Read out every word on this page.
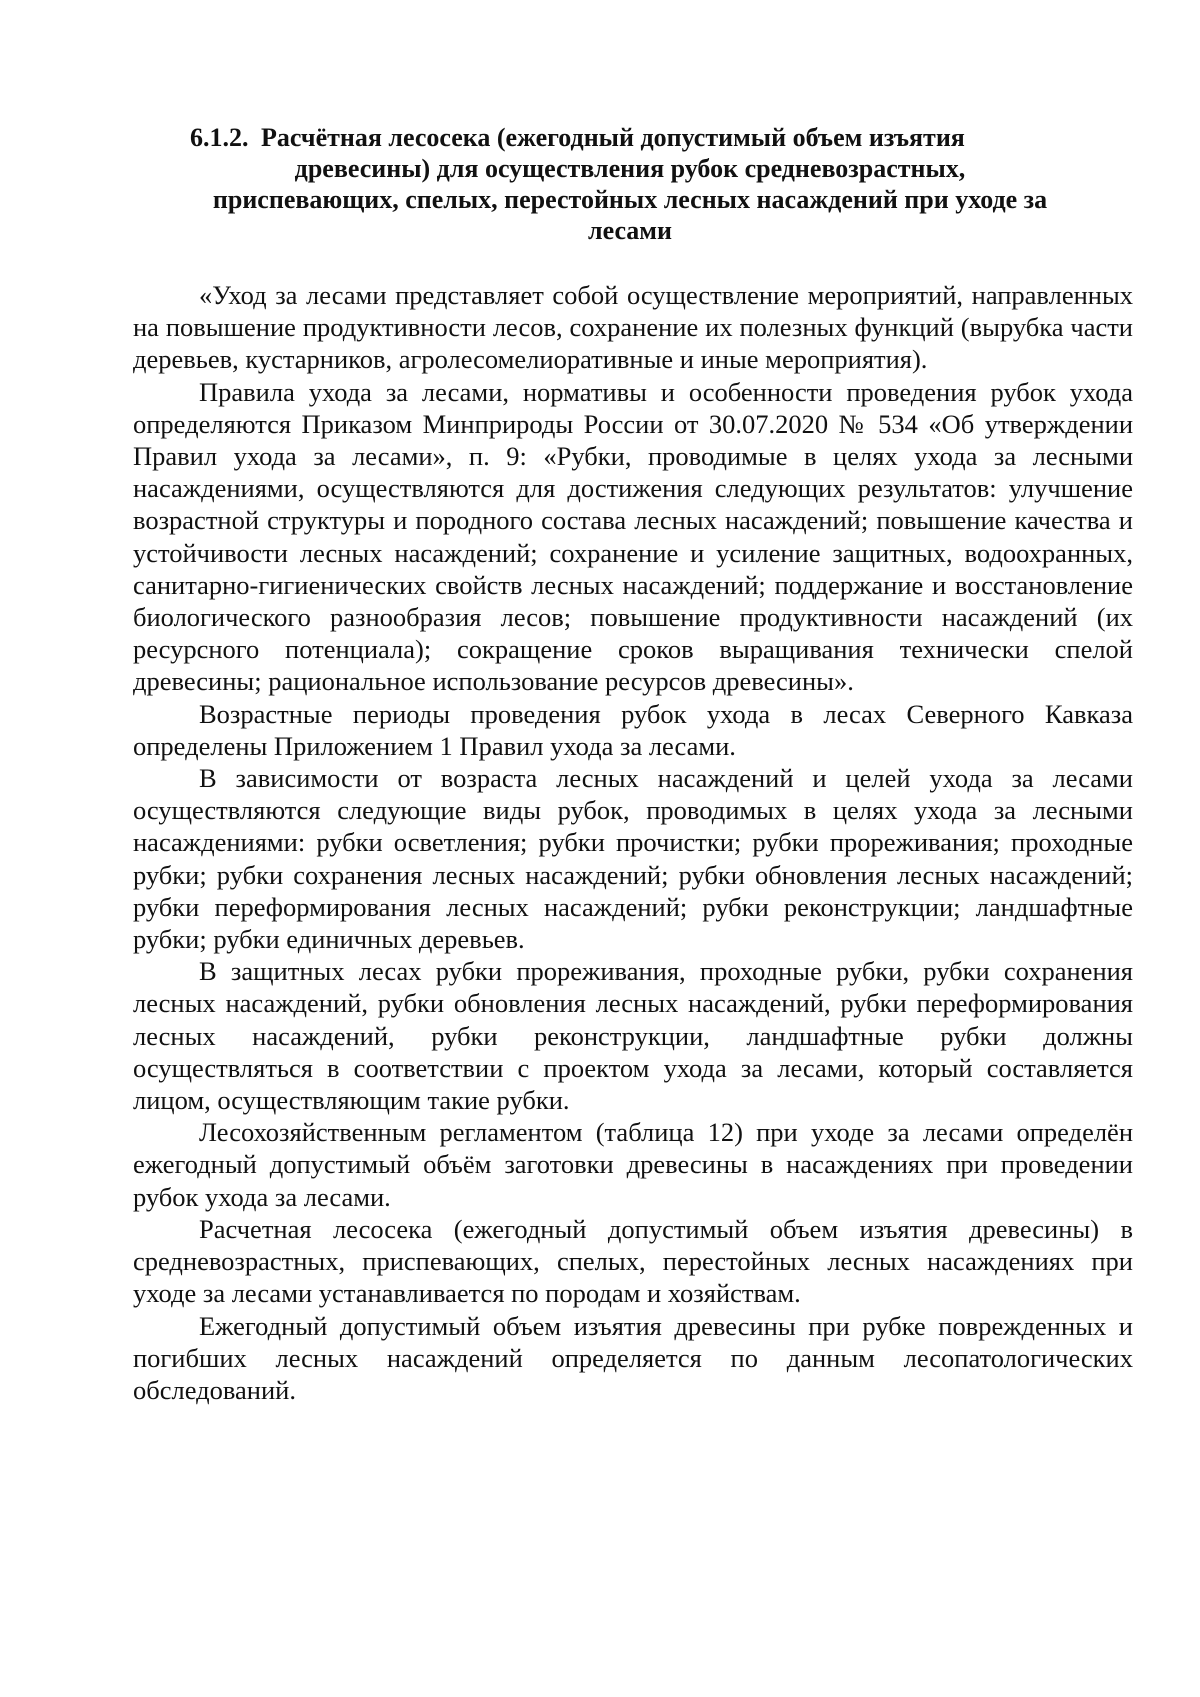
6.1.2. Расчётная лесосека (ежегодный допустимый объем изъятия
древесины) для осуществления рубок средневозрастных,
приспевающих, спелых, перестойных лесных насаждений при уходе за
лесами

«Уход за лесами представляет собой осуществление мероприятий, направленных на повышение продуктивности лесов, сохранение их полезных функций (вырубка части деревьев, кустарников, агролесомелиоративные и иные мероприятия).

Правила ухода за лесами, нормативы и особенности проведения рубок ухода определяются Приказом Минприроды России от 30.07.2020 № 534 «Об утверждении Правил ухода за лесами», п. 9: «Рубки, проводимые в целях ухода за лесными насаждениями, осуществляются для достижения следующих результатов: улучшение возрастной структуры и породного состава лесных насаждений; повышение качества и устойчивости лесных насаждений; сохранение и усиление защитных, водоохранных, санитарно-гигиенических свойств лесных насаждений; поддержание и восстановление биологического разнообразия лесов; повышение продуктивности насаждений (их ресурсного потенциала); сокращение сроков выращивания технически спелой древесины; рациональное использование ресурсов древесины».

Возрастные периоды проведения рубок ухода в лесах Северного Кавказа определены Приложением 1 Правил ухода за лесами.

В зависимости от возраста лесных насаждений и целей ухода за лесами осуществляются следующие виды рубок, проводимых в целях ухода за лесными насаждениями: рубки осветления; рубки прочистки; рубки прореживания; проходные рубки; рубки сохранения лесных насаждений; рубки обновления лесных насаждений; рубки переформирования лесных насаждений; рубки реконструкции; ландшафтные рубки; рубки единичных деревьев.

В защитных лесах рубки прореживания, проходные рубки, рубки сохранения лесных насаждений, рубки обновления лесных насаждений, рубки переформирования лесных насаждений, рубки реконструкции, ландшафтные рубки должны осуществляться в соответствии с проектом ухода за лесами, который составляется лицом, осуществляющим такие рубки.

Лесохозяйственным регламентом (таблица 12) при уходе за лесами определён ежегодный допустимый объём заготовки древесины в насаждениях при проведении рубок ухода за лесами.

Расчетная лесосека (ежегодный допустимый объем изъятия древесины) в средневозрастных, приспевающих, спелых, перестойных лесных насаждениях при уходе за лесами устанавливается по породам и хозяйствам.

Ежегодный допустимый объем изъятия древесины при рубке поврежденных и погибших лесных насаждений определяется по данным лесопатологических обследований.
